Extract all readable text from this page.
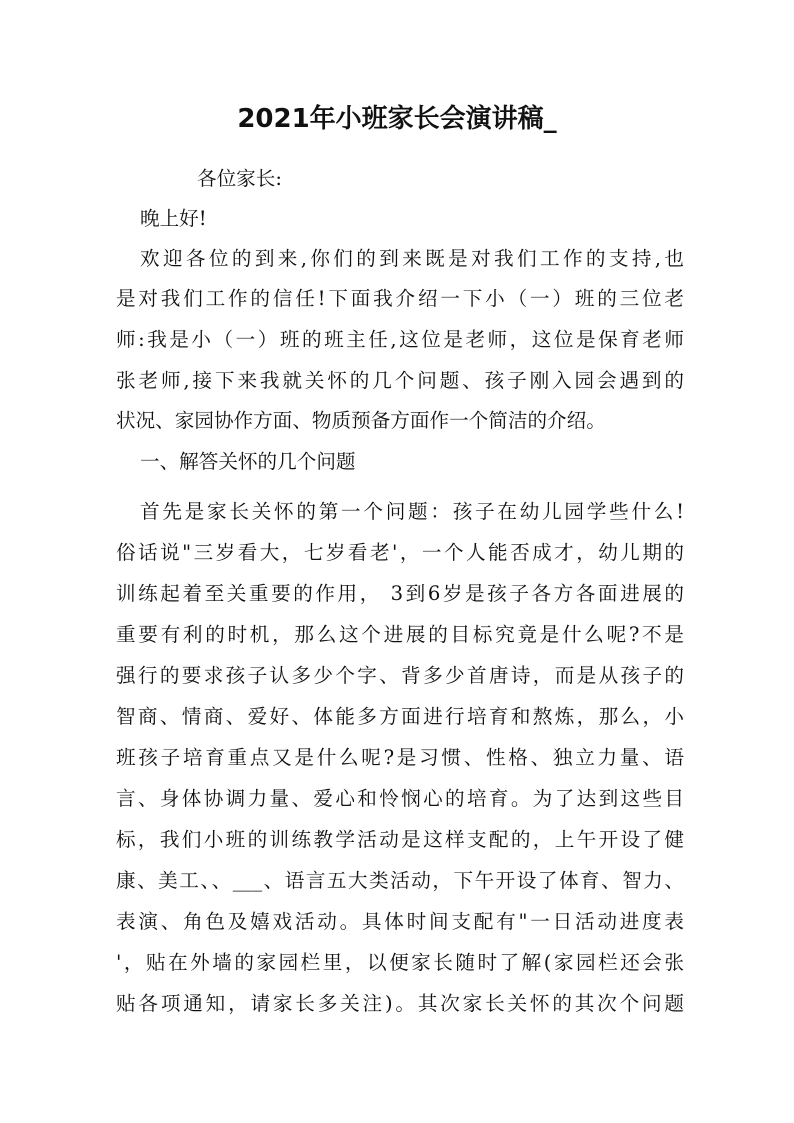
2021年小班家长会演讲稿_
各位家长:
晚上好!
欢迎各位的到来,你们的到来既是对我们工作的支持,也
是对我们工作的信任!下面我介绍一下小（一）班的三位老
师:我是小（一）班的班主任,这位是老师，这位是保育老师
张老师,接下来我就关怀的几个问题、孩子刚入园会遇到的
状况、家园协作方面、物质预备方面作一个简洁的介绍。
一、解答关怀的几个问题
首先是家长关怀的第一个问题：孩子在幼儿园学些什么!
俗话说"三岁看大，七岁看老'，一个人能否成才，幼儿期的
训练起着至关重要的作用， 3到6岁是孩子各方各面进展的
重要有利的时机，那么这个进展的目标究竟是什么呢?不是
强行的要求孩子认多少个字、背多少首唐诗，而是从孩子的
智商、情商、爱好、体能多方面进行培育和熬炼，那么，小
班孩子培育重点又是什么呢?是习惯、性格、独立力量、语
言、身体协调力量、爱心和怜悯心的培育。为了达到这些目
标，我们小班的训练教学活动是这样支配的，上午开设了健
康、美工、、___、语言五大类活动，下午开设了体育、智力、
表演、角色及嬉戏活动。具体时间支配有"一日活动进度表
'，贴在外墙的家园栏里，以便家长随时了解(家园栏还会张
贴各项通知，请家长多关注)。其次家长关怀的其次个问题
